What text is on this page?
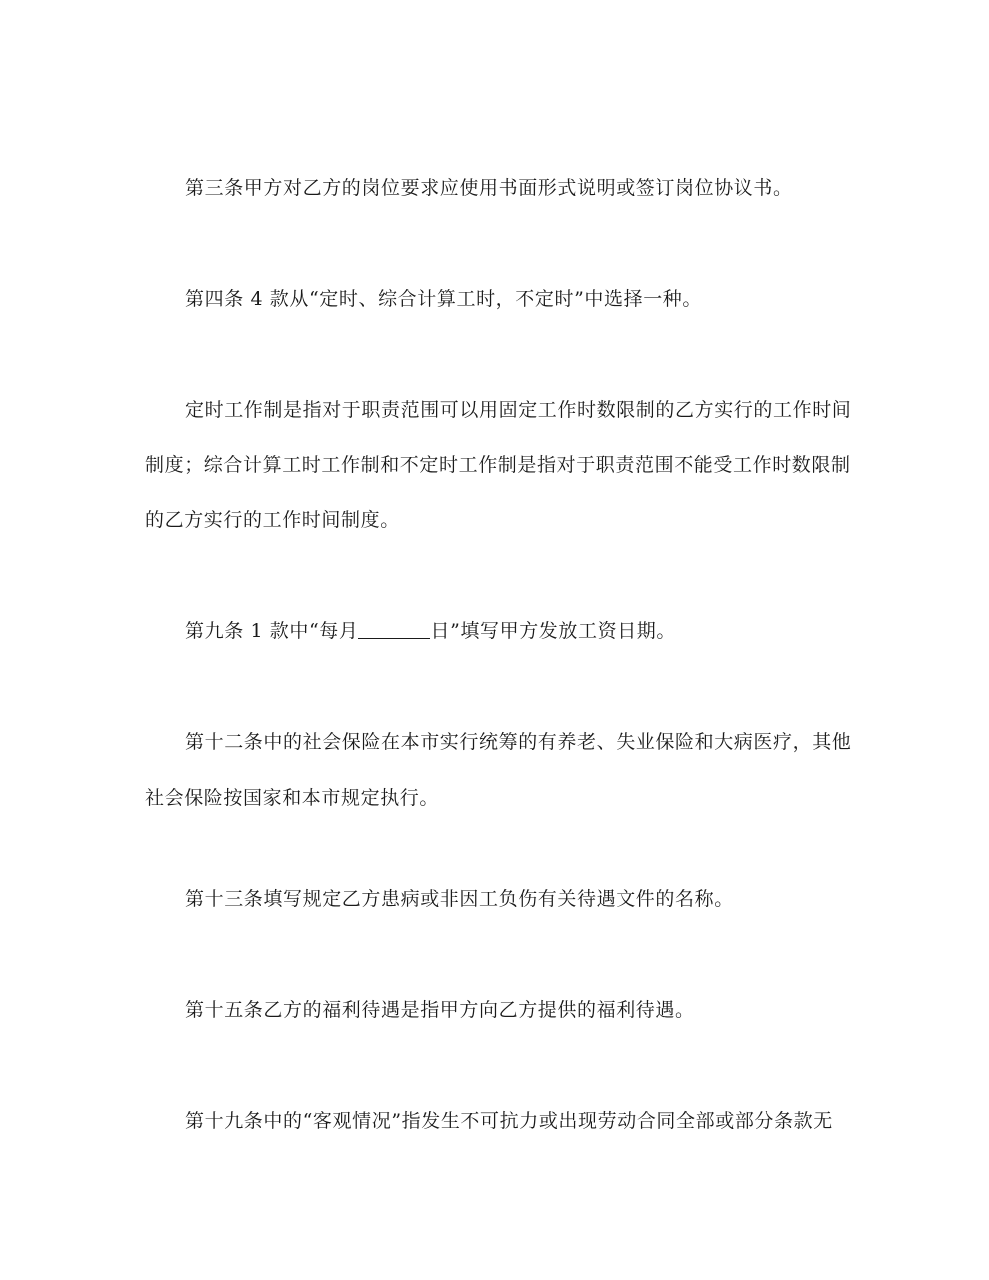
第三条甲方对乙方的岗位要求应使用书面形式说明或签订岗位协议书。
第四条 4 款从“定时、综合计算工时，不定时”中选择一种。
定时工作制是指对于职责范围可以用固定工作时数限制的乙方实行的工作时间
制度；综合计算工时工作制和不定时工作制是指对于职责范围不能受工作时数限制
的乙方实行的工作时间制度。
第九条 1 款中“每月	日”填写甲方发放工资日期。
第十二条中的社会保险在本市实行统筹的有养老、失业保险和大病医疗，其他
社会保险按国家和本市规定执行。
第十三条填写规定乙方患病或非因工负伤有关待遇文件的名称。
第十五条乙方的福利待遇是指甲方向乙方提供的福利待遇。
第十九条中的“客观情况”指发生不可抗力或出现劳动合同全部或部分条款无
